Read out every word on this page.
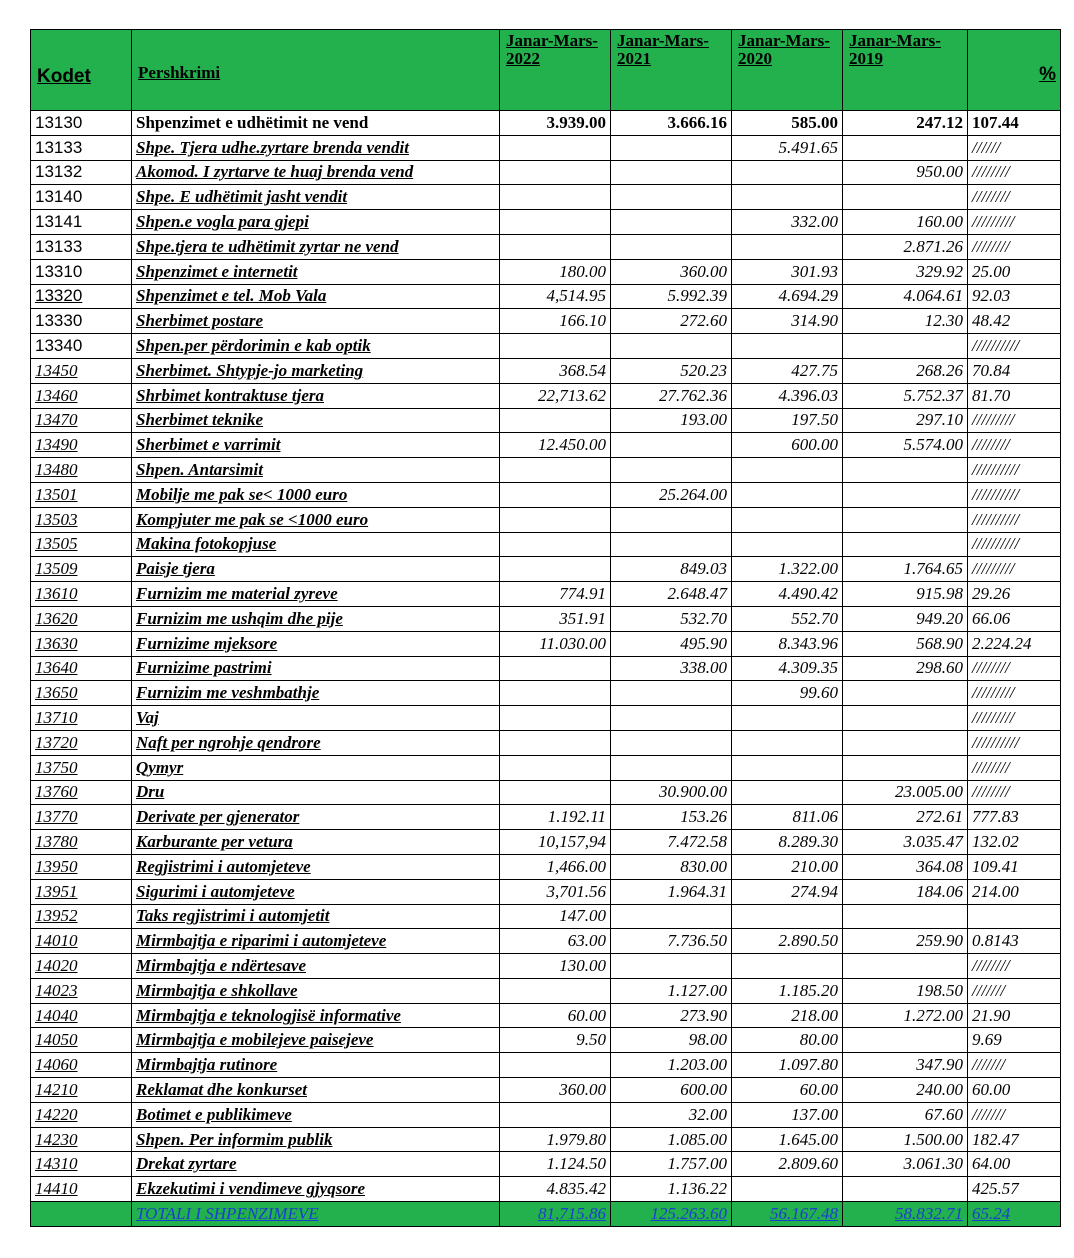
Kodet	Pershkrimi	Janar-Mars-2022	Janar-Mars-2021	Janar-Mars-2020	Janar-Mars-2019	%
13130	Shpenzimet e udhëtimit ne vend	3.939.00	3.666.16	585.00	247.12	107.44
13133	Shpe. Tjera udhe.zyrtare brenda vendit			5.491.65		//////
13132	Akomod. I zyrtarve te huaj brenda vend				950.00	////////
13140	Shpe. E udhëtimit jasht vendit					////////
13141	Shpen.e vogla para gjepi			332.00	160.00	/////////
13133	Shpe.tjera te udhëtimit zyrtar ne vend				2.871.26	////////
13310	Shpenzimet e internetit	180.00	360.00	301.93	329.92	25.00
13320	Shpenzimet e tel. Mob Vala	4,514.95	5.992.39	4.694.29	4.064.61	92.03
13330	Sherbimet postare	166.10	272.60	314.90	12.30	48.42
13340	Shpen.per përdorimin e kab optik					//////////
13450	Sherbimet. Shtypje-jo marketing	368.54	520.23	427.75	268.26	70.84
13460	Shrbimet kontraktuse tjera	22,713.62	27.762.36	4.396.03	5.752.37	81.70
13470	Sherbimet teknike		193.00	197.50	297.10	/////////
13490	Sherbimet e varrimit	12.450.00		600.00	5.574.00	////////
13480	Shpen. Antarsimit					//////////
13501	Mobilje me pak se< 1000 euro		25.264.00			//////////
13503	Kompjuter me pak se <1000 euro					//////////
13505	Makina fotokopjuse					//////////
13509	Paisje tjera		849.03	1.322.00	1.764.65	/////////
13610	Furnizim me material zyreve	774.91	2.648.47	4.490.42	915.98	29.26
13620	Furnizim me ushqim dhe pije	351.91	532.70	552.70	949.20	66.06
13630	Furnizime mjeksore	11.030.00	495.90	8.343.96	568.90	2.224.24
13640	Furnizime pastrimi		338.00	4.309.35	298.60	////////
13650	Furnizim me veshmbathje			99.60		/////////
13710	Vaj					/////////
13720	Naft per ngrohje qendrore					//////////
13750	Qymyr					////////
13760	Dru		30.900.00		23.005.00	////////
13770	Derivate per gjenerator	1.192.11	153.26	811.06	272.61	777.83
13780	Karburante per vetura	10,157,94	7.472.58	8.289.30	3.035.47	132.02
13950	Regjistrimi i automjeteve	1,466.00	830.00	210.00	364.08	109.41
13951	Sigurimi i automjeteve	3,701.56	1.964.31	274.94	184.06	214.00
13952	Taks regjistrimi i automjetit	147.00				
14010	Mirmbajtja e riparimi i automjeteve	63.00	7.736.50	2.890.50	259.90	0.8143
14020	Mirmbajtja e ndërtesave	130.00				////////
14023	Mirmbajtja e shkollave		1.127.00	1.185.20	198.50	///////
14040	Mirmbajtja e teknologjisë informative	60.00	273.90	218.00	1.272.00	21.90
14050	Mirmbajtja e mobilejeve paisejeve	9.50	98.00	80.00		9.69
14060	Mirmbajtja rutinore		1.203.00	1.097.80	347.90	///////
14210	Reklamat dhe konkurset	360.00	600.00	60.00	240.00	60.00
14220	Botimet e publikimeve		32.00	137.00	67.60	///////
14230	Shpen. Per informim publik	1.979.80	1.085.00	1.645.00	1.500.00	182.47
14310	Drekat zyrtare	1.124.50	1.757.00	2.809.60	3.061.30	64.00
14410	Ekzekutimi i vendimeve gjyqsore	4.835.42	1.136.22			425.57
	TOTALI I SHPENZIMEVE	81,715.86	125.263.60	56.167.48	58.832.71	65.24
